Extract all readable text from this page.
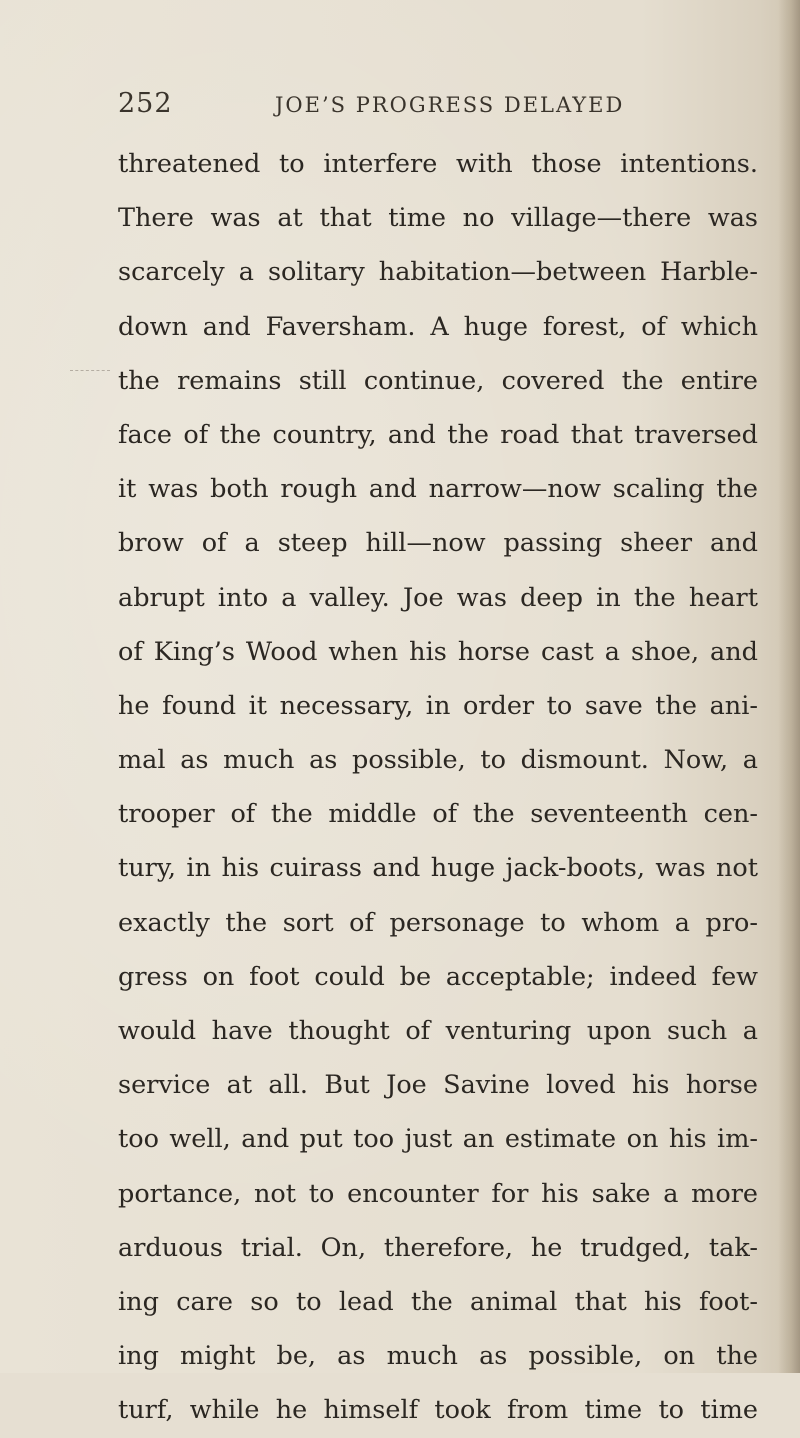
252	JOE’S PROGRESS DELAYED
threatened to interfere with those intentions.
There was at that time no village—there was
scarcely a solitary habitation—between Harble-
down and Faversham. A huge forest, of which
the remains still continue, covered the entire
face of the country, and the road that traversed
it was both rough and narrow—now scaling the
brow of a steep hill—now passing sheer and
abrupt into a valley. Joe was deep in the heart
of King’s Wood when his horse cast a shoe, and
he found it necessary, in order to save the ani-
mal as much as possible, to dismount. Now, a
trooper of the middle of the seventeenth cen-
tury, in his cuirass and huge jack-boots, was not
exactly the sort of personage to whom a pro-
gress on foot could be acceptable; indeed few
would have thought of venturing upon such a
service at all. But Joe Savine loved his horse
too well, and put too just an estimate on his im-
portance, not to encounter for his sake a more
arduous trial. On, therefore, he trudged, tak-
ing care so to lead the animal that his foot-
ing might be, as much as possible, on the
turf, while he himself took from time to time
